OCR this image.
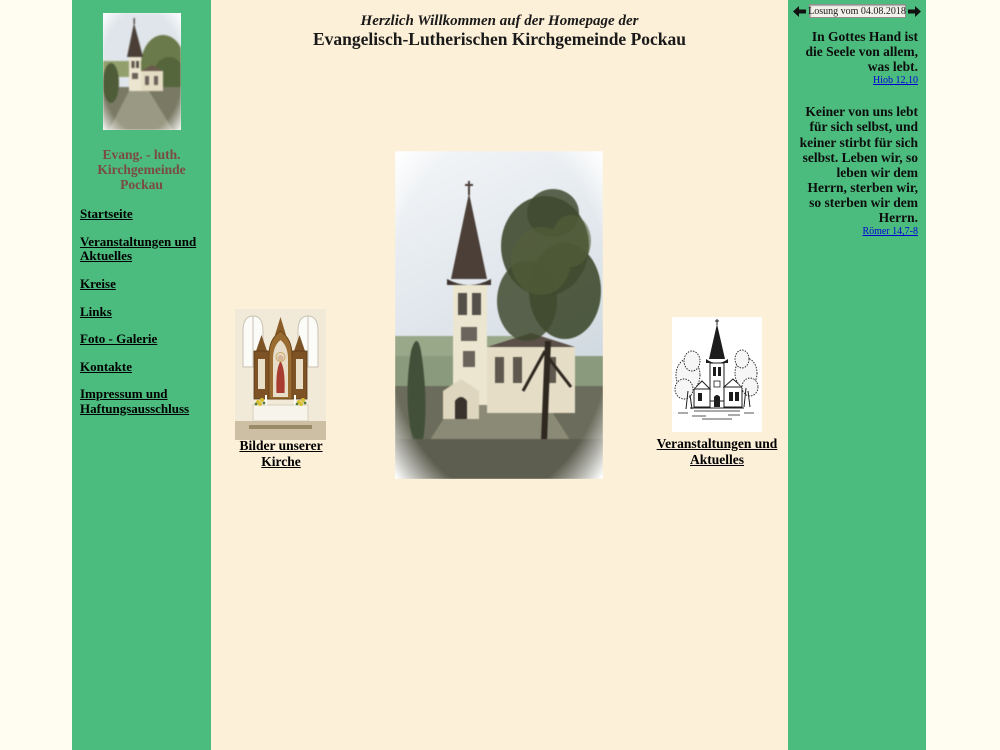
Evang. - luth. Kirchgemeinde Pockau
Startseite
Veranstaltungen und Aktuelles
Kreise
Links
Foto - Galerie
Kontakte
Impressum und Haftungsausschluss
Herzlich Willkommen auf der Homepage der
Evangelisch-Lutherischen Kirchgemeinde Pockau
Bilder unserer Kirche
Veranstaltungen und Aktuelles
Losung vom 04.08.2018
In Gottes Hand ist die Seele von allem, was lebt.
Hiob 12,10
Keiner von uns lebt für sich selbst, und keiner stirbt für sich selbst. Leben wir, so leben wir dem Herrn, sterben wir, so sterben wir dem Herrn.
Römer 14,7-8
